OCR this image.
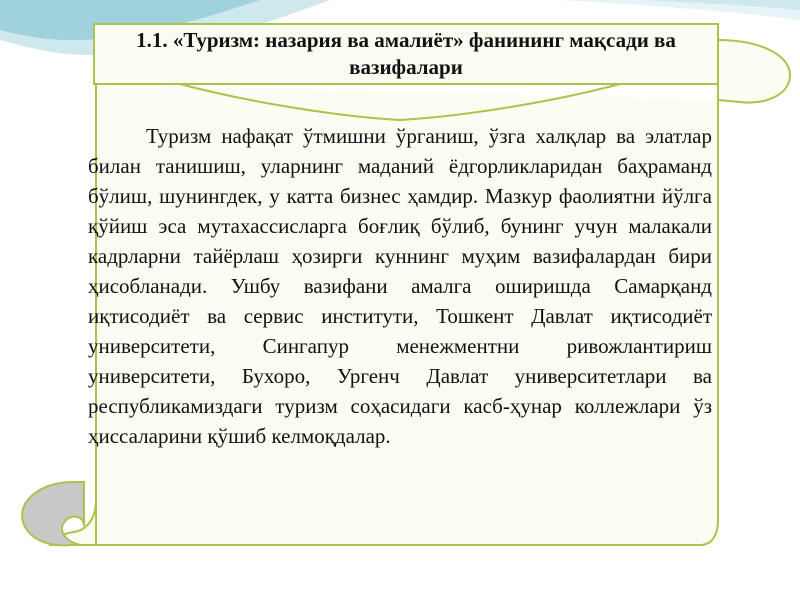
1.1. «Туризм: назария ва амалиёт» фанининг мақсади ва вазифалари

Туризм нафақат ўтмишни ўрганиш, ўзга халқлар ва элатлар билан танишиш, уларнинг маданий ёдгорликларидан баҳраманд бўлиш, шунингдек, у катта бизнес ҳамдир. Мазкур фаолиятни йўлга қўйиш эса мутахассисларга боғлиқ бўлиб, бунинг учун малакали кадрларни тайёрлаш ҳозирги куннинг муҳим вазифалардан бири ҳисобланади. Ушбу вазифани амалга оширишда Самарқанд иқтисодиёт ва сервис институти, Тошкент Давлат иқтисодиёт университети, Сингапур менежментни ривожлантириш университети, Бухоро, Ургенч Давлат университетлари ва республикамиздаги туризм соҳасидаги касб-ҳунар коллежлари ўз ҳиссаларини қўшиб келмоқдалар.
